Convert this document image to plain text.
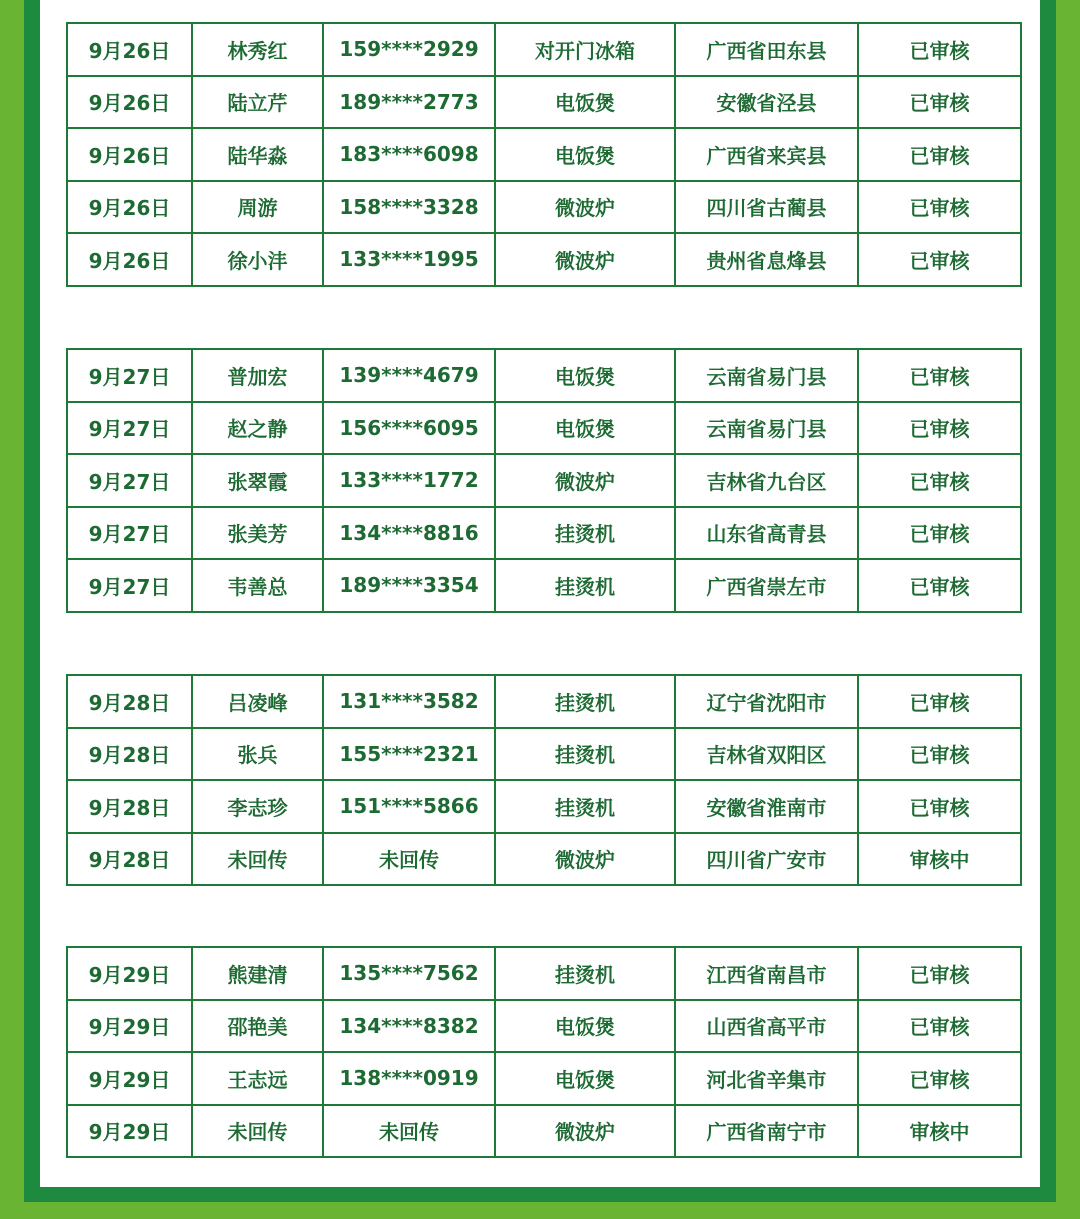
9月26日	林秀红	159****2929	对开门冰箱	广西省田东县	已审核
9月26日	陆立芹	189****2773	电饭煲	安徽省泾县	已审核
9月26日	陆华淼	183****6098	电饭煲	广西省来宾县	已审核
9月26日	周游	158****3328	微波炉	四川省古蔺县	已审核
9月26日	徐小沣	133****1995	微波炉	贵州省息烽县	已审核
9月27日	普加宏	139****4679	电饭煲	云南省易门县	已审核
9月27日	赵之静	156****6095	电饭煲	云南省易门县	已审核
9月27日	张翠霞	133****1772	微波炉	吉林省九台区	已审核
9月27日	张美芳	134****8816	挂烫机	山东省高青县	已审核
9月27日	韦善总	189****3354	挂烫机	广西省崇左市	已审核
9月28日	吕凌峰	131****3582	挂烫机	辽宁省沈阳市	已审核
9月28日	张兵	155****2321	挂烫机	吉林省双阳区	已审核
9月28日	李志珍	151****5866	挂烫机	安徽省淮南市	已审核
9月28日	未回传	未回传	微波炉	四川省广安市	审核中
9月29日	熊建清	135****7562	挂烫机	江西省南昌市	已审核
9月29日	邵艳美	134****8382	电饭煲	山西省高平市	已审核
9月29日	王志远	138****0919	电饭煲	河北省辛集市	已审核
9月29日	未回传	未回传	微波炉	广西省南宁市	审核中
